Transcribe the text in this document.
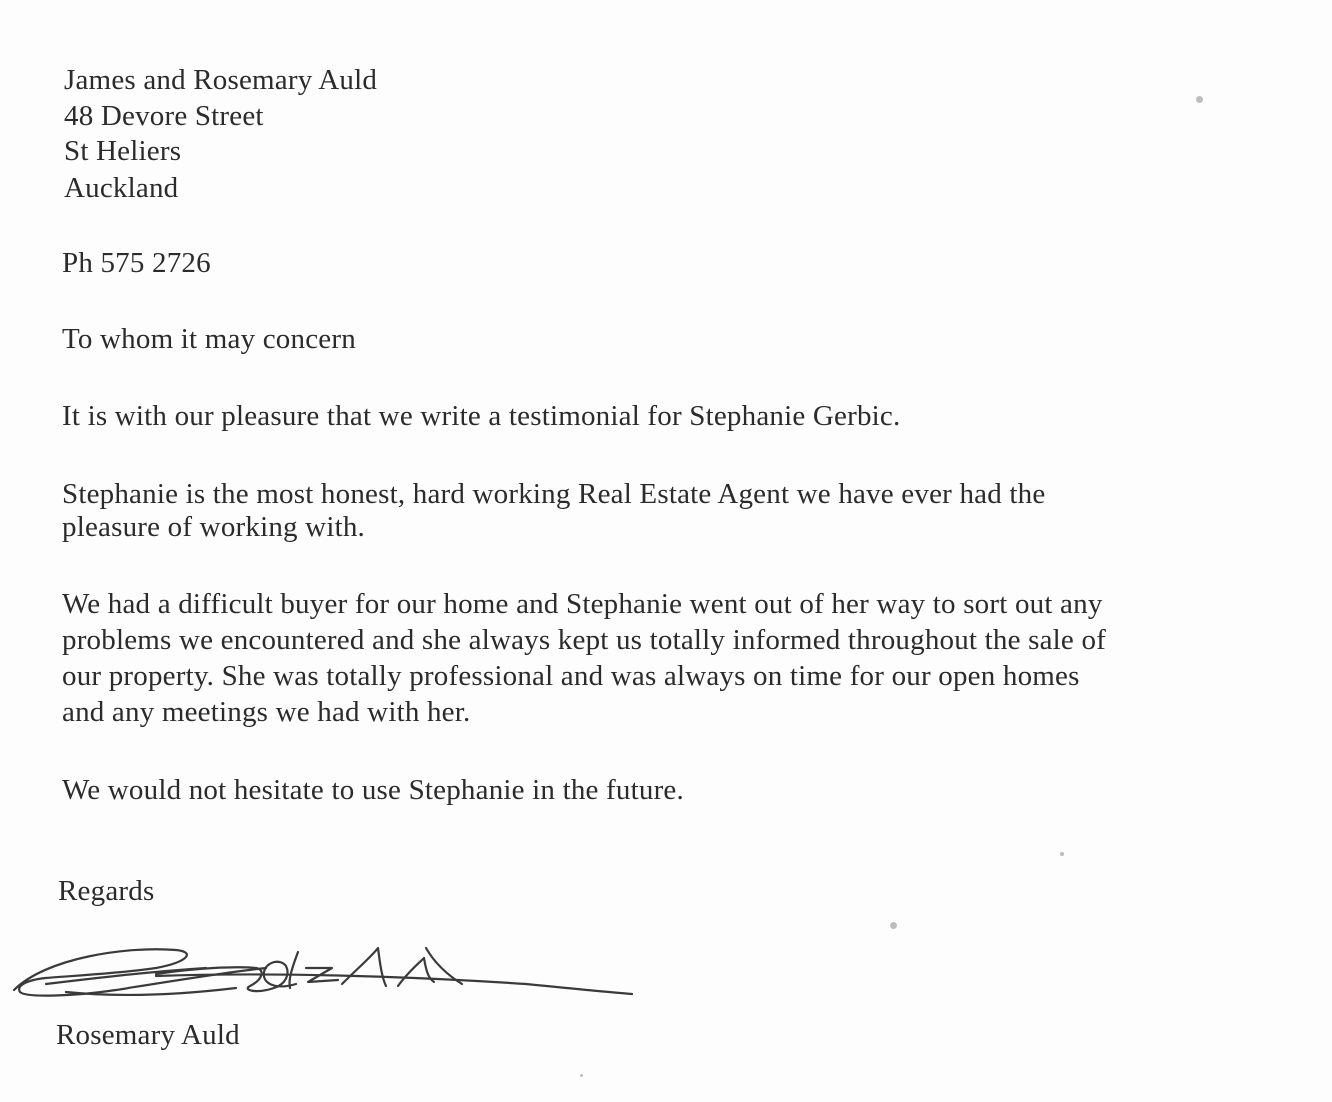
James and Rosemary Auld
48 Devore Street
St Heliers
Auckland
Ph 575 2726
To whom it may concern
It is with our pleasure that we write a testimonial for Stephanie Gerbic.
Stephanie is the most honest, hard working Real Estate Agent we have ever had the
pleasure of working with.
We had a difficult buyer for our home and Stephanie went out of her way to sort out any
problems we encountered and she always kept us totally informed throughout the sale of
our property. She was totally professional and was always on time for our open homes
and any meetings we had with her.
We would not hesitate to use Stephanie in the future.
Regards
Rosemary Auld
